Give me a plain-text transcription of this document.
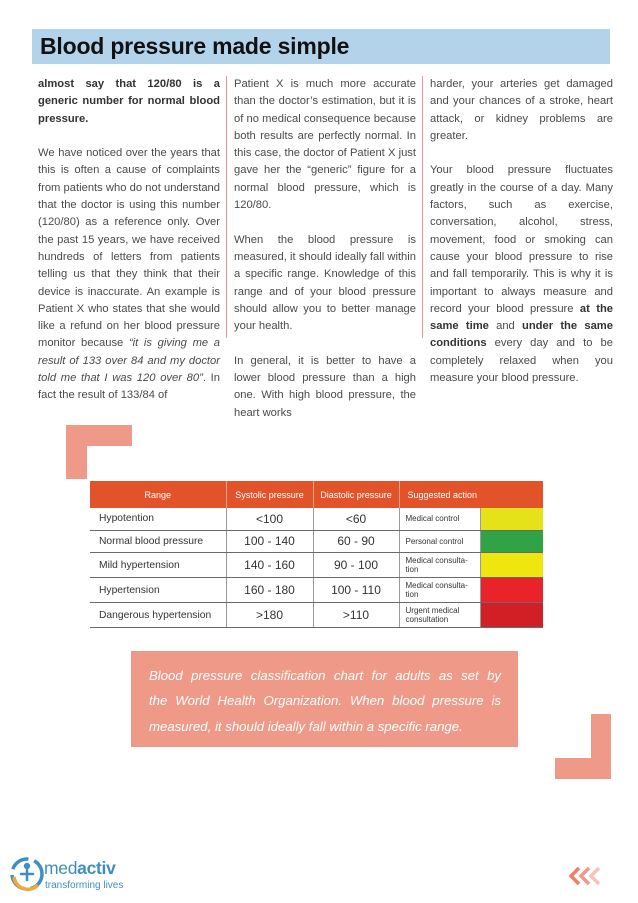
Blood pressure made simple

almost say that 120/80 is a generic number for normal blood pressure.

We have noticed over the years that this is often a cause of complaints from patients who do not understand that the doctor is using this number (120/80) as a reference only. Over the past 15 years, we have received hundreds of letters from patients telling us that they think that their device is inaccurate. An example is Patient X who states that she would like a refund on her blood pressure monitor because “it is giving me a result of 133 over 84 and my doctor told me that I was 120 over 80”. In fact the result of 133/84 of

Patient X is much more accurate than the doctor’s estimation, but it is of no medical consequence because both results are perfectly normal. In this case, the doctor of Patient X just gave her the “generic” figure for a normal blood pressure, which is 120/80.

When the blood pressure is measured, it should ideally fall within a specific range. Knowledge of this range and of your blood pressure should allow you to better manage your health.

In general, it is better to have a lower blood pressure than a high one. With high blood pressure, the heart works

harder, your arteries get damaged and your chances of a stroke, heart attack, or kidney problems are greater.

Your blood pressure fluctuates greatly in the course of a day. Many factors, such as exercise, conversation, alcohol, stress, movement, food or smoking can cause your blood pressure to rise and fall temporarily. This is why it is important to always measure and record your blood pressure at the same time and under the same conditions every day and to be completely relaxed when you measure your blood pressure.

Range	Systolic pressure	Diastolic pressure	Suggested action	
Hypotention	<100	<60	Medical control	
Normal blood pressure	100 - 140	60 - 90	Personal control	
Mild hypertension	140 - 160	90 - 100	Medical consulta-tion	
Hypertension	160 - 180	100 - 110	Medical consulta-tion	
Dangerous hypertension	>180	>110	Urgent medical consultation	

Blood pressure classification chart for adults as set by

the World Health Organization. When blood pressure is

measured, it should ideally fall within a specific range.

medactiv
transforming lives
